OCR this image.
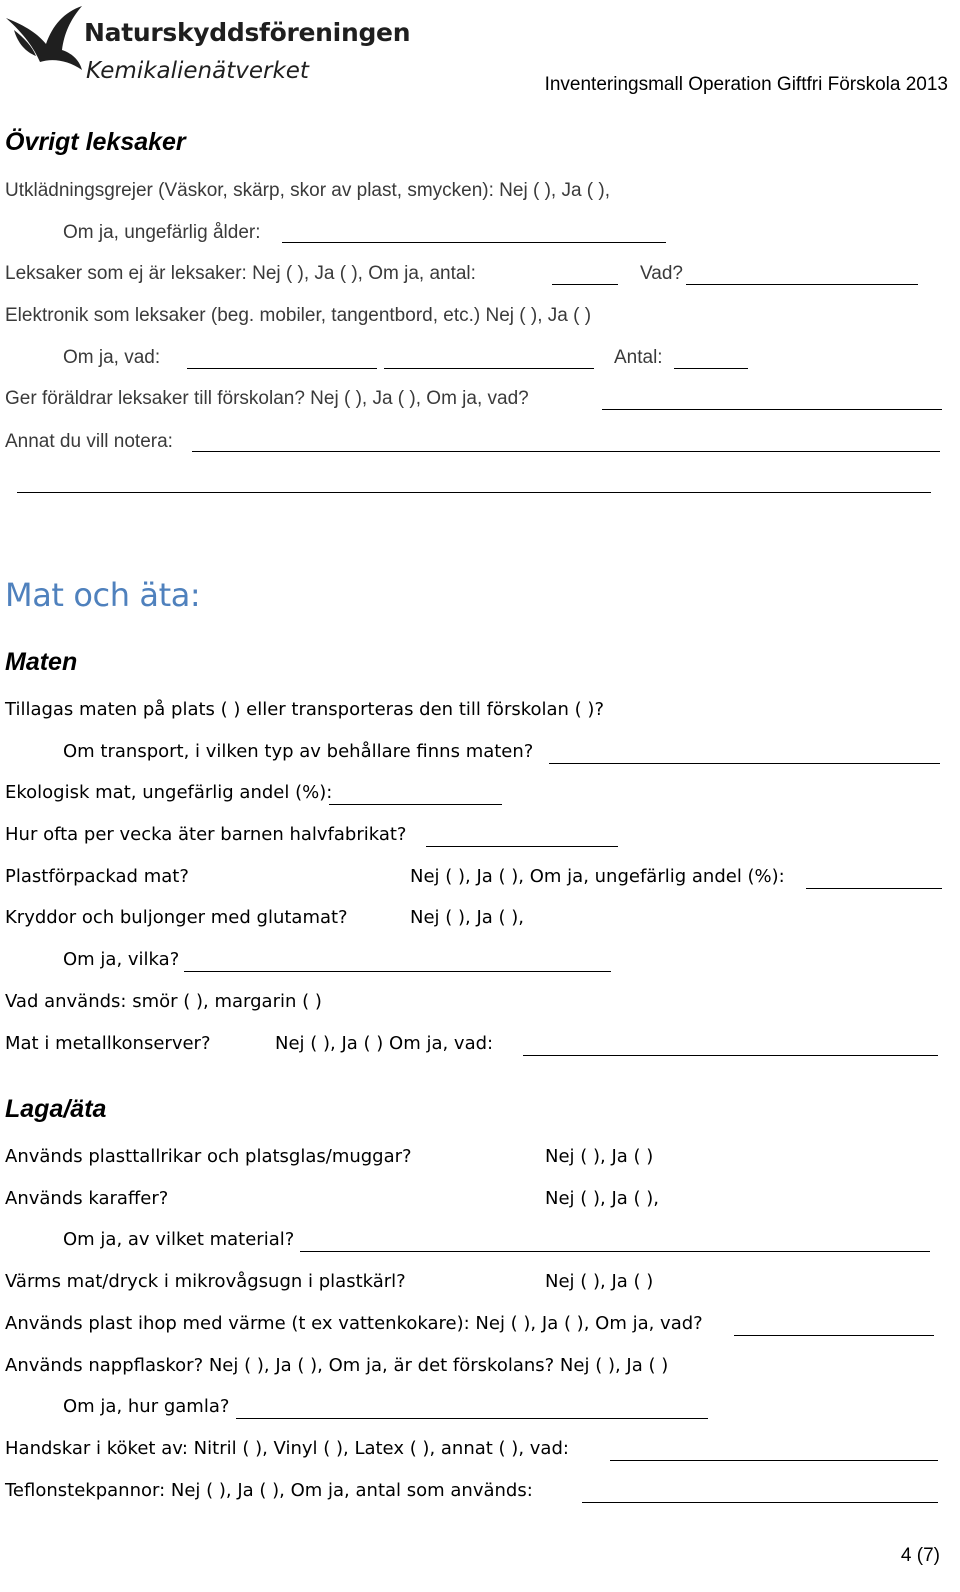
Naturskyddsföreningen
Kemikalienätverket
Inventeringsmall Operation Giftfri Förskola 2013
Övrigt leksaker
Utklädningsgrejer (Väskor, skärp, skor av plast, smycken): Nej ( ), Ja ( ),
Om ja, ungefärlig ålder:
Leksaker som ej är leksaker: Nej ( ), Ja ( ), Om ja, antal:	Vad?
Elektronik som leksaker (beg. mobiler, tangentbord, etc.) Nej ( ), Ja ( )
Om ja, vad:	Antal:
Ger föräldrar leksaker till förskolan? Nej ( ), Ja ( ), Om ja, vad?
Annat du vill notera:
Mat och äta:
Maten
Tillagas maten på plats ( ) eller transporteras den till förskolan ( )?
Om transport, i vilken typ av behållare finns maten?
Ekologisk mat, ungefärlig andel (%):
Hur ofta per vecka äter barnen halvfabrikat?
Plastförpackad mat?	Nej ( ), Ja ( ), Om ja, ungefärlig andel (%):
Kryddor och buljonger med glutamat?	Nej ( ), Ja ( ),
Om ja, vilka?
Vad används: smör ( ), margarin ( )
Mat i metallkonserver?	Nej ( ), Ja ( ) Om ja, vad:
Laga/äta
Används plasttallrikar och platsglas/muggar?	Nej ( ), Ja ( )
Används karaffer?	Nej ( ), Ja ( ),
Om ja, av vilket material?
Värms mat/dryck i mikrovågsugn i plastkärl?	Nej ( ), Ja ( )
Används plast ihop med värme (t ex vattenkokare): Nej ( ), Ja ( ), Om ja, vad?
Används nappflaskor? Nej ( ), Ja ( ), Om ja, är det förskolans? Nej ( ), Ja ( )
Om ja, hur gamla?
Handskar i köket av: Nitril ( ), Vinyl ( ), Latex ( ), annat ( ), vad:
Teflonstekpannor: Nej ( ), Ja ( ), Om ja, antal som används:
4 (7)
